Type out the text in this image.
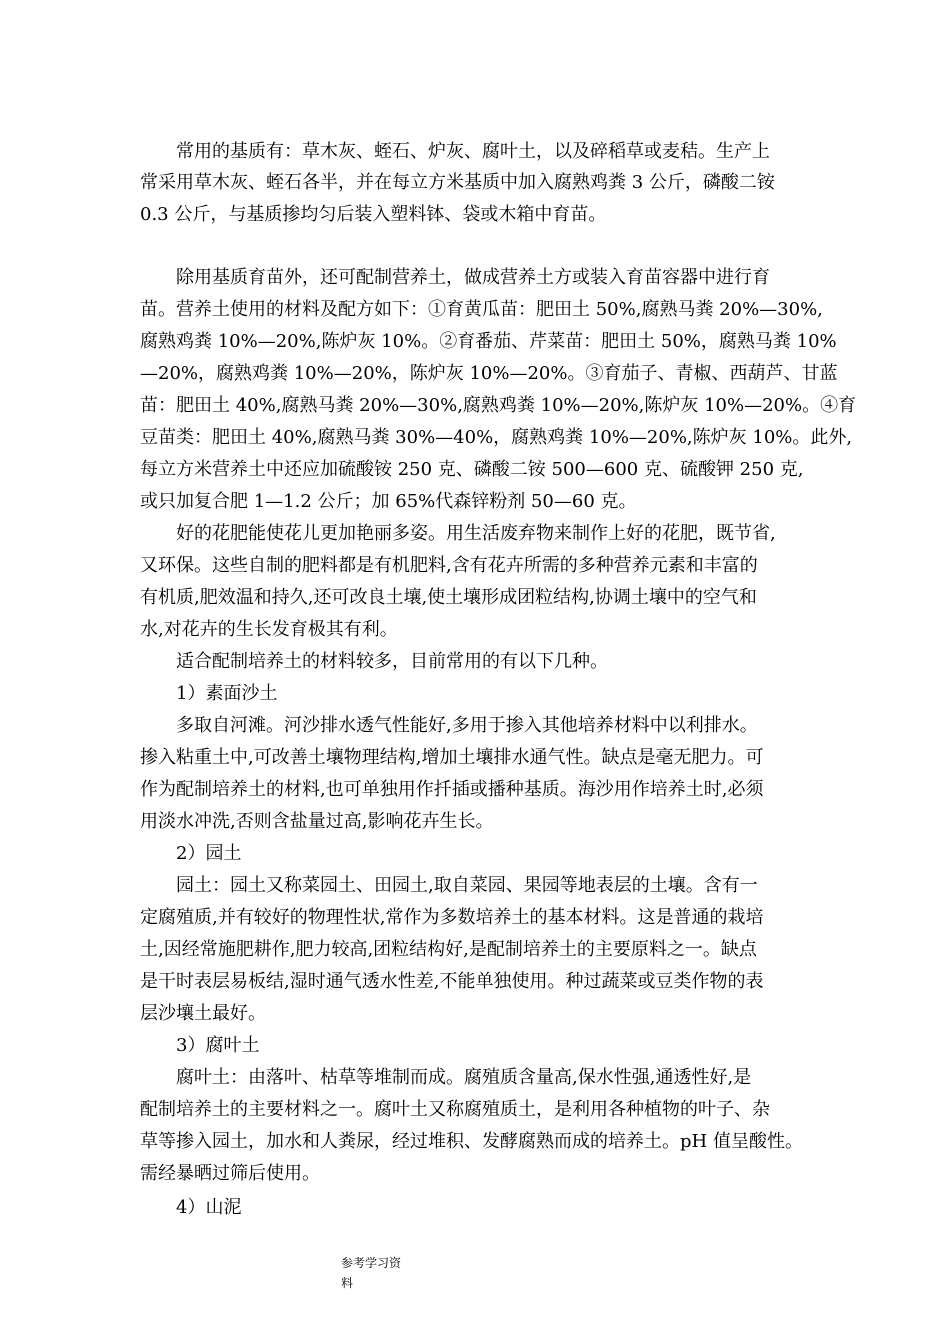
常用的基质有：草木灰、蛭石、炉灰、腐叶土，以及碎稻草或麦秸。生产上

常采用草木灰、蛭石各半，并在每立方米基质中加入腐熟鸡粪 3 公斤，磷酸二铵

0.3 公斤，与基质掺均匀后装入塑料钵、袋或木箱中育苗。

除用基质育苗外，还可配制营养土，做成营养土方或装入育苗容器中进行育

苗。营养土使用的材料及配方如下：①育黄瓜苗：肥田土 50%,腐熟马粪 20%—30%,

腐熟鸡粪 10%—20%,陈炉灰 10%。②育番茄、芹菜苗：肥田土 50%，腐熟马粪 10%

—20%，腐熟鸡粪 10%—20%，陈炉灰 10%—20%。③育茄子、青椒、西葫芦、甘蓝

苗：肥田土 40%,腐熟马粪 20%—30%,腐熟鸡粪 10%—20%,陈炉灰 10%—20%。④育

豆苗类：肥田土 40%,腐熟马粪 30%—40%，腐熟鸡粪 10%—20%,陈炉灰 10%。此外,

每立方米营养土中还应加硫酸铵 250 克、磷酸二铵 500—600 克、硫酸钾 250 克,

或只加复合肥 1—1.2 公斤；加 65%代森锌粉剂 50—60 克。

好的花肥能使花儿更加艳丽多姿。用生活废弃物来制作上好的花肥，既节省,

又环保。这些自制的肥料都是有机肥料,含有花卉所需的多种营养元素和丰富的

有机质,肥效温和持久,还可改良土壤,使土壤形成团粒结构,协调土壤中的空气和

水,对花卉的生长发育极其有利。

适合配制培养土的材料较多，目前常用的有以下几种。

1）素面沙土

多取自河滩。河沙排水透气性能好,多用于掺入其他培养材料中以利排水。

掺入粘重土中,可改善土壤物理结构,增加土壤排水通气性。缺点是毫无肥力。可

作为配制培养土的材料,也可单独用作扦插或播种基质。海沙用作培养土时,必须

用淡水冲洗,否则含盐量过高,影响花卉生长。

2）园土

园土：园土又称菜园土、田园土,取自菜园、果园等地表层的土壤。含有一

定腐殖质,并有较好的物理性状,常作为多数培养土的基本材料。这是普通的栽培

土,因经常施肥耕作,肥力较高,团粒结构好,是配制培养土的主要原料之一。缺点

是干时表层易板结,湿时通气透水性差,不能单独使用。种过蔬菜或豆类作物的表

层沙壤土最好。

3）腐叶土

腐叶土：由落叶、枯草等堆制而成。腐殖质含量高,保水性强,通透性好,是

配制培养土的主要材料之一。腐叶土又称腐殖质土，是利用各种植物的叶子、杂

草等掺入园土，加水和人粪尿，经过堆积、发酵腐熟而成的培养土。pH 值呈酸性。

需经暴晒过筛后使用。

4）山泥

参考学习资
料
